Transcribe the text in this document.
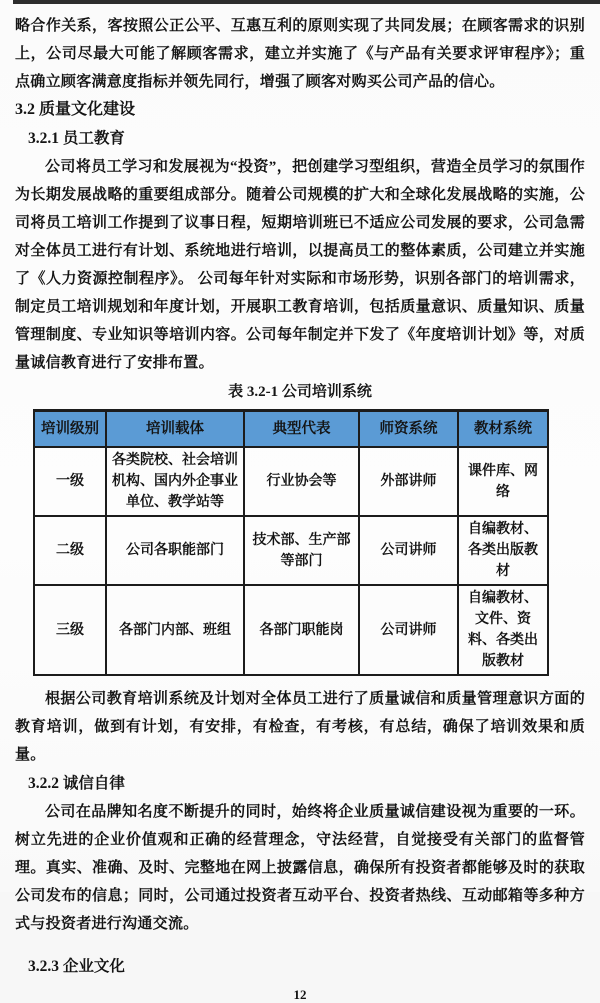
略合作关系，客按照公正公平、互惠互利的原则实现了共同发展；在顾客需求的识别上，公司尽最大可能了解顾客需求，建立并实施了《与产品有关要求评审程序》；重点确立顾客满意度指标并领先同行，增强了顾客对购买公司产品的信心。

3.2 质量文化建设
3.2.1 员工教育

公司将员工学习和发展视为“投资”，把创建学习型组织，营造全员学习的氛围作为长期发展战略的重要组成部分。随着公司规模的扩大和全球化发展战略的实施，公司将员工培训工作提到了议事日程，短期培训班已不适应公司发展的要求，公司急需对全体员工进行有计划、系统地进行培训，以提高员工的整体素质，公司建立并实施了《人力资源控制程序》。 公司每年针对实际和市场形势，识别各部门的培训需求，制定员工培训规划和年度计划，开展职工教育培训，包括质量意识、质量知识、质量管理制度、专业知识等培训内容。公司每年制定并下发了《年度培训计划》等，对质量诚信教育进行了安排布置。

表 3.2-1 公司培训系统
培训级别	培训载体	典型代表	师资系统	教材系统
一级	各类院校、社会培训机构、国内外企事业单位、教学站等	行业协会等	外部讲师	课件库、网络
二级	公司各职能部门	技术部、生产部等部门	公司讲师	自编教材、各类出版教材
三级	各部门内部、班组	各部门职能岗	公司讲师	自编教材、文件、资料、各类出版教材

根据公司教育培训系统及计划对全体员工进行了质量诚信和质量管理意识方面的教育培训，做到有计划，有安排，有检查，有考核，有总结，确保了培训效果和质量。

3.2.2 诚信自律

公司在品牌知名度不断提升的同时，始终将企业质量诚信建设视为重要的一环。树立先进的企业价值观和正确的经营理念，守法经营，自觉接受有关部门的监督管理。真实、准确、及时、完整地在网上披露信息，确保所有投资者都能够及时的获取公司发布的信息；同时，公司通过投资者互动平台、投资者热线、互动邮箱等多种方式与投资者进行沟通交流。

3.2.3 企业文化
12
